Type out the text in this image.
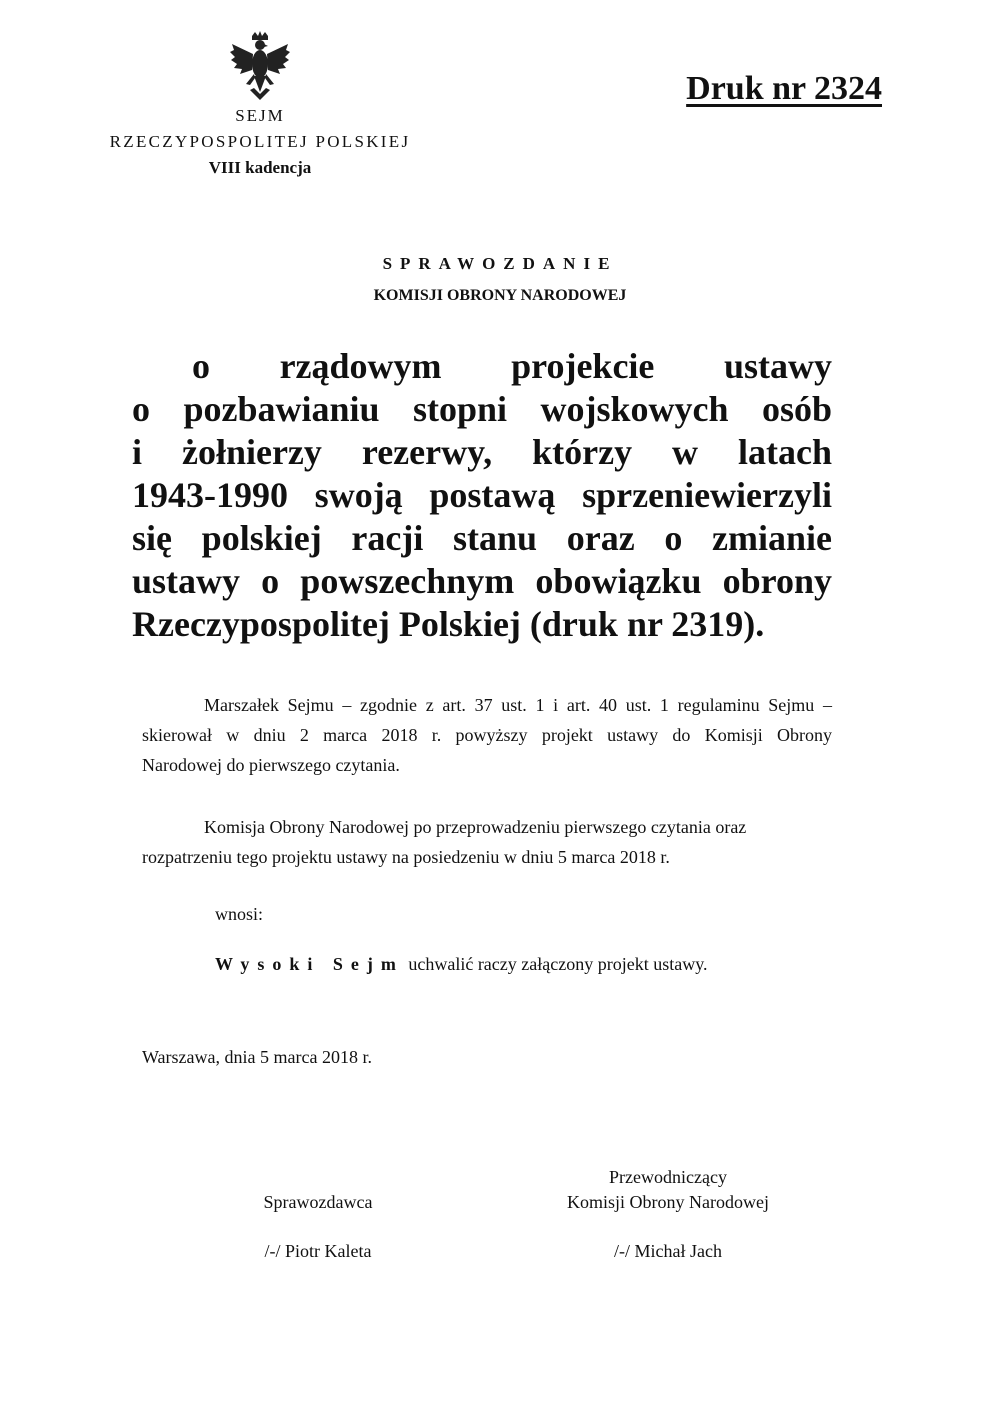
SEJM
RZECZYPOSPOLITEJ POLSKIEJ
VIII kadencja
Druk nr 2324
SPRAWOZDANIE
KOMISJI OBRONY NARODOWEJ
o rządowym projekcie ustawy
o pozbawianiu stopni wojskowych osób
i żołnierzy rezerwy, którzy w latach
1943-1990 swoją postawą sprzeniewierzyli
się polskiej racji stanu oraz o zmianie
ustawy o powszechnym obowiązku obrony
Rzeczypospolitej Polskiej (druk nr 2319).
Marszałek Sejmu – zgodnie z art. 37 ust. 1 i art. 40 ust. 1 regulaminu Sejmu –
skierował w dniu 2 marca 2018 r. powyższy projekt ustawy do Komisji Obrony
Narodowej do pierwszego czytania.
Komisja Obrony Narodowej po przeprowadzeniu pierwszego czytania oraz
rozpatrzeniu tego projektu ustawy na posiedzeniu w dniu 5 marca 2018 r.
wnosi:
Wysoki Sejm uchwalić raczy załączony projekt ustawy.
Warszawa, dnia 5 marca 2018 r.
Sprawozdawca
/-/ Piotr Kaleta
Przewodniczący
Komisji Obrony Narodowej
/-/ Michał Jach
